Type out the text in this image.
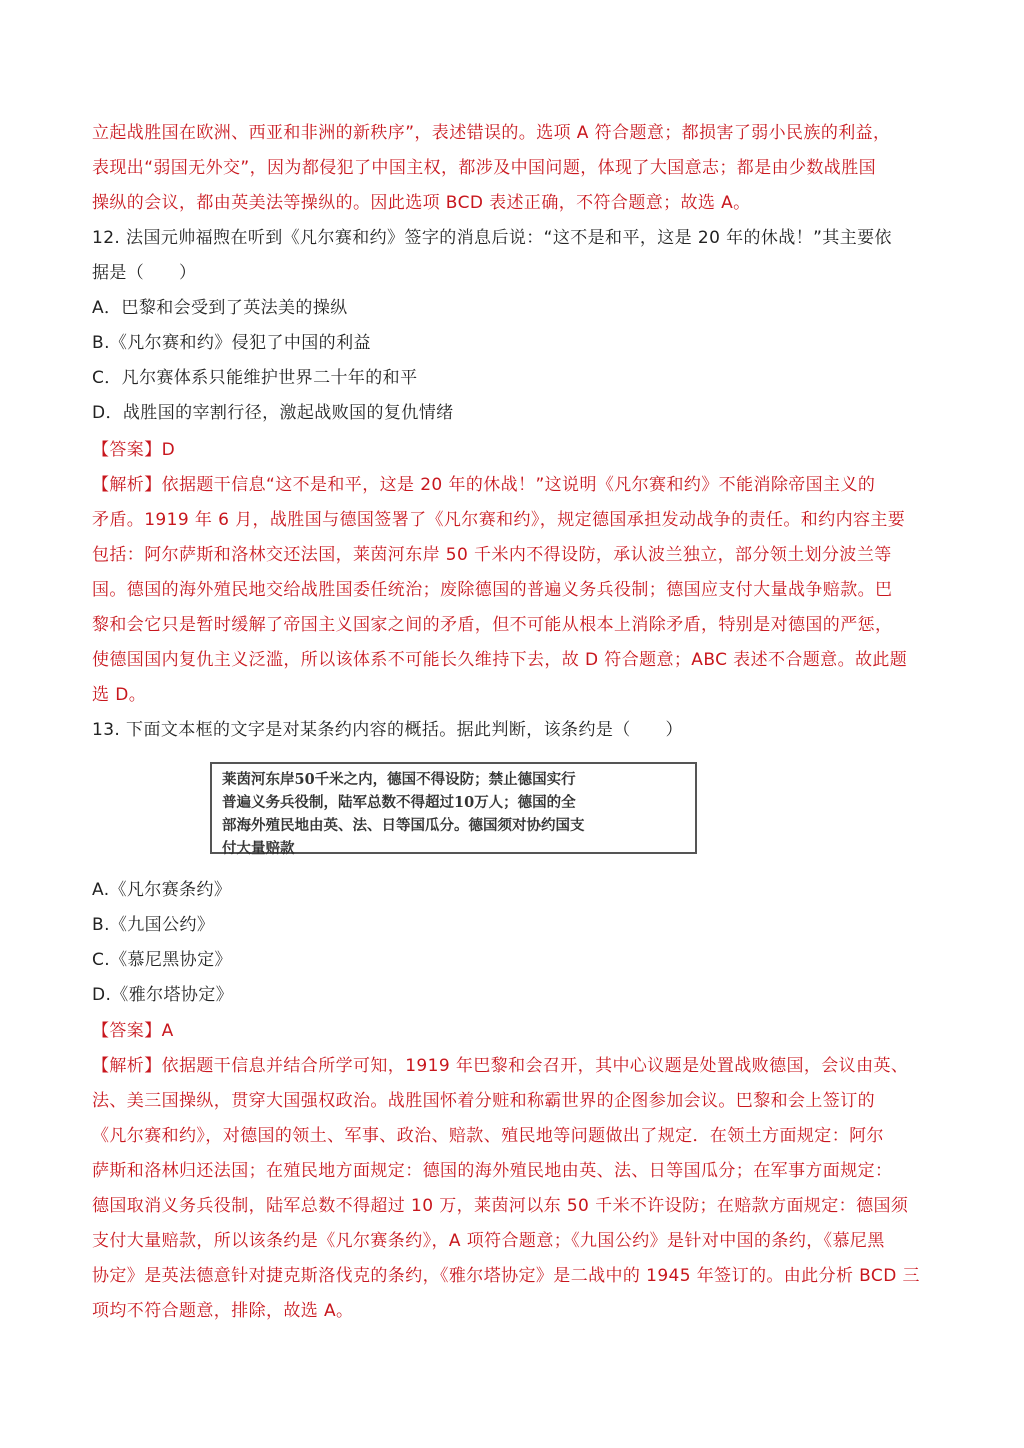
立起战胜国在欧洲、西亚和非洲的新秩序”，表述错误的。选项 A 符合题意；都损害了弱小民族的利益，
表现出“弱国无外交”，因为都侵犯了中国主权，都涉及中国问题，体现了大国意志；都是由少数战胜国
操纵的会议，都由英美法等操纵的。因此选项 BCD 表述正确，不符合题意；故选 A。
12. 法国元帅福煦在听到《凡尔赛和约》签字的消息后说：“这不是和平，这是 20 年的休战！”其主要依
据是（　　）
A．巴黎和会受到了英法美的操纵
B.《凡尔赛和约》侵犯了中国的利益
C．凡尔赛体系只能维护世界二十年的和平
D．战胜国的宰割行径，激起战败国的复仇情绪
【答案】D
【解析】依据题干信息“这不是和平，这是 20 年的休战！”这说明《凡尔赛和约》不能消除帝国主义的
矛盾。1919 年 6 月，战胜国与德国签署了《凡尔赛和约》，规定德国承担发动战争的责任。和约内容主要
包括：阿尔萨斯和洛林交还法国，莱茵河东岸 50 千米内不得设防，承认波兰独立，部分领土划分波兰等
国。德国的海外殖民地交给战胜国委任统治；废除德国的普遍义务兵役制；德国应支付大量战争赔款。巴
黎和会它只是暂时缓解了帝国主义国家之间的矛盾，但不可能从根本上消除矛盾，特别是对德国的严惩，
使德国国内复仇主义泛滥，所以该体系不可能长久维持下去，故 D 符合题意；ABC 表述不合题意。故此题
选 D。
13. 下面文本框的文字是对某条约内容的概括。据此判断，该条约是（　　）
莱茵河东岸50千米之内，德国不得设防；禁止德国实行
普遍义务兵役制，陆军总数不得超过10万人；德国的全
部海外殖民地由英、法、日等国瓜分。德国须对协约国支
付大量赔款
A.《凡尔赛条约》
B.《九国公约》
C.《慕尼黑协定》
D.《雅尔塔协定》
【答案】A
【解析】依据题干信息并结合所学可知，1919 年巴黎和会召开，其中心议题是处置战败德国，会议由英、
法、美三国操纵，贯穿大国强权政治。战胜国怀着分赃和称霸世界的企图参加会议。巴黎和会上签订的
《凡尔赛和约》，对德国的领土、军事、政治、赔款、殖民地等问题做出了规定．在领土方面规定：阿尔
萨斯和洛林归还法国；在殖民地方面规定：德国的海外殖民地由英、法、日等国瓜分；在军事方面规定：
德国取消义务兵役制，陆军总数不得超过 10 万，莱茵河以东 50 千米不许设防；在赔款方面规定：德国须
支付大量赔款，所以该条约是《凡尔赛条约》，A 项符合题意；《九国公约》是针对中国的条约，《慕尼黑
协定》是英法德意针对捷克斯洛伐克的条约，《雅尔塔协定》是二战中的 1945 年签订的。由此分析 BCD 三
项均不符合题意，排除，故选 A。
